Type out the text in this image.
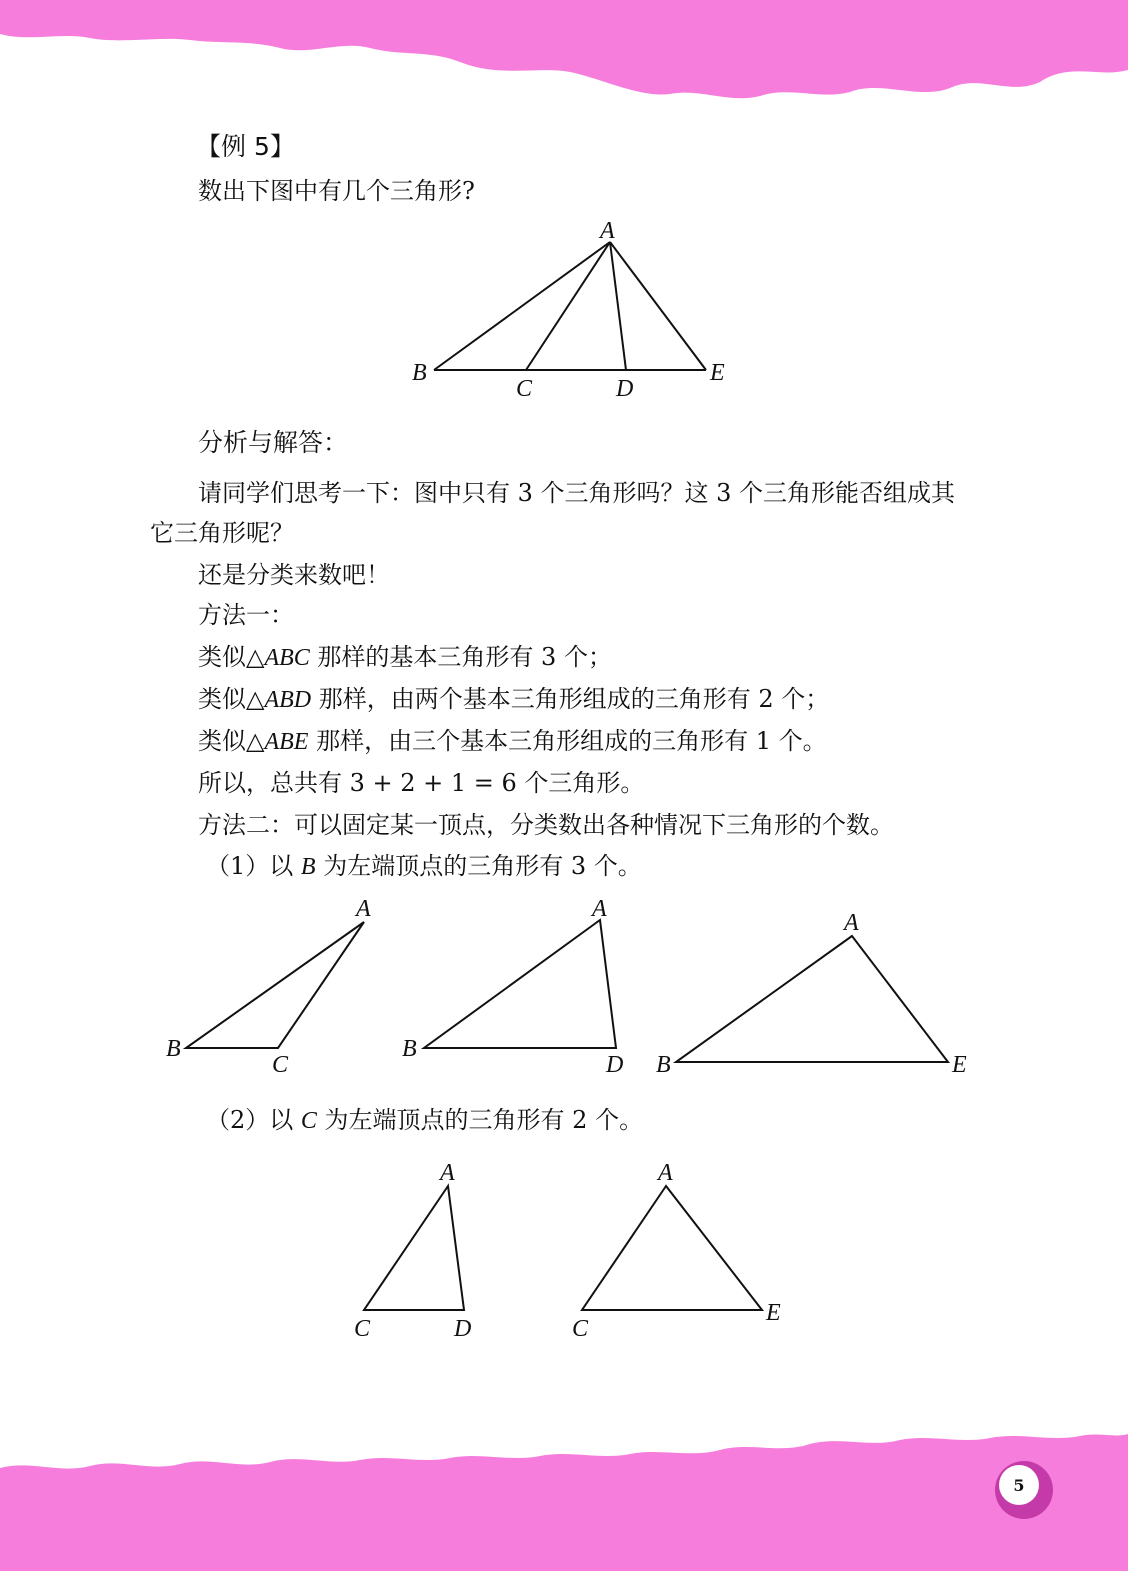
【例 5】
数出下图中有几个三角形?
A
B
C	D
E
分析与解答：
请同学们思考一下：图中只有 3 个三角形吗？这 3 个三角形能否组成其
它三角形呢？
还是分类来数吧！
方法一：
类似△ABC 那样的基本三角形有 3 个；
类似△ABD 那样，由两个基本三角形组成的三角形有 2 个；
类似△ABE 那样，由三个基本三角形组成的三角形有 1 个。
所以，总共有 3 + 2 + 1 = 6 个三角形。
方法二：可以固定某一顶点，分类数出各种情况下三角形的个数。
（1）以 B 为左端顶点的三角形有 3 个。
A
B
C
A
B
D
A
B	E
（2）以 C 为左端顶点的三角形有 2 个。
A
C	D
A
C
E
5
